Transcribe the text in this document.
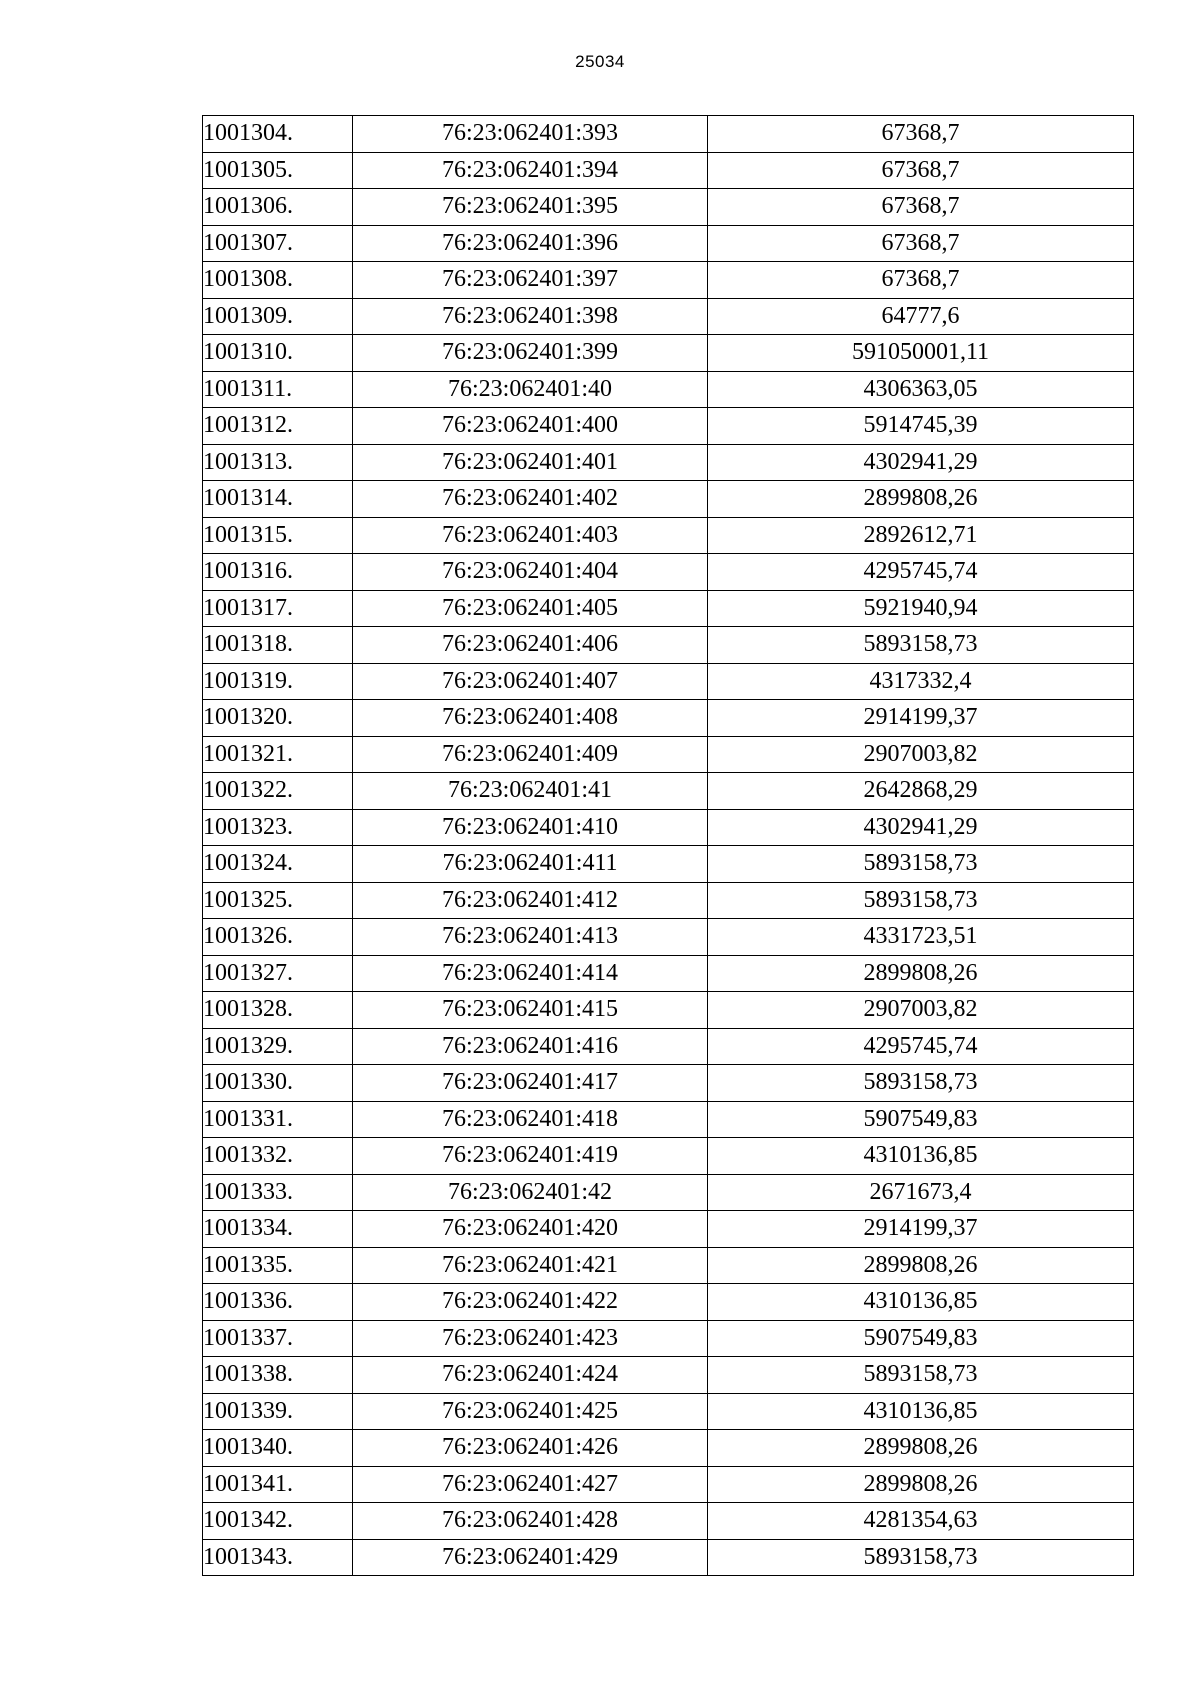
25034
1001304.	76:23:062401:393	67368,7
1001305.	76:23:062401:394	67368,7
1001306.	76:23:062401:395	67368,7
1001307.	76:23:062401:396	67368,7
1001308.	76:23:062401:397	67368,7
1001309.	76:23:062401:398	64777,6
1001310.	76:23:062401:399	591050001,11
1001311.	76:23:062401:40	4306363,05
1001312.	76:23:062401:400	5914745,39
1001313.	76:23:062401:401	4302941,29
1001314.	76:23:062401:402	2899808,26
1001315.	76:23:062401:403	2892612,71
1001316.	76:23:062401:404	4295745,74
1001317.	76:23:062401:405	5921940,94
1001318.	76:23:062401:406	5893158,73
1001319.	76:23:062401:407	4317332,4
1001320.	76:23:062401:408	2914199,37
1001321.	76:23:062401:409	2907003,82
1001322.	76:23:062401:41	2642868,29
1001323.	76:23:062401:410	4302941,29
1001324.	76:23:062401:411	5893158,73
1001325.	76:23:062401:412	5893158,73
1001326.	76:23:062401:413	4331723,51
1001327.	76:23:062401:414	2899808,26
1001328.	76:23:062401:415	2907003,82
1001329.	76:23:062401:416	4295745,74
1001330.	76:23:062401:417	5893158,73
1001331.	76:23:062401:418	5907549,83
1001332.	76:23:062401:419	4310136,85
1001333.	76:23:062401:42	2671673,4
1001334.	76:23:062401:420	2914199,37
1001335.	76:23:062401:421	2899808,26
1001336.	76:23:062401:422	4310136,85
1001337.	76:23:062401:423	5907549,83
1001338.	76:23:062401:424	5893158,73
1001339.	76:23:062401:425	4310136,85
1001340.	76:23:062401:426	2899808,26
1001341.	76:23:062401:427	2899808,26
1001342.	76:23:062401:428	4281354,63
1001343.	76:23:062401:429	5893158,73
